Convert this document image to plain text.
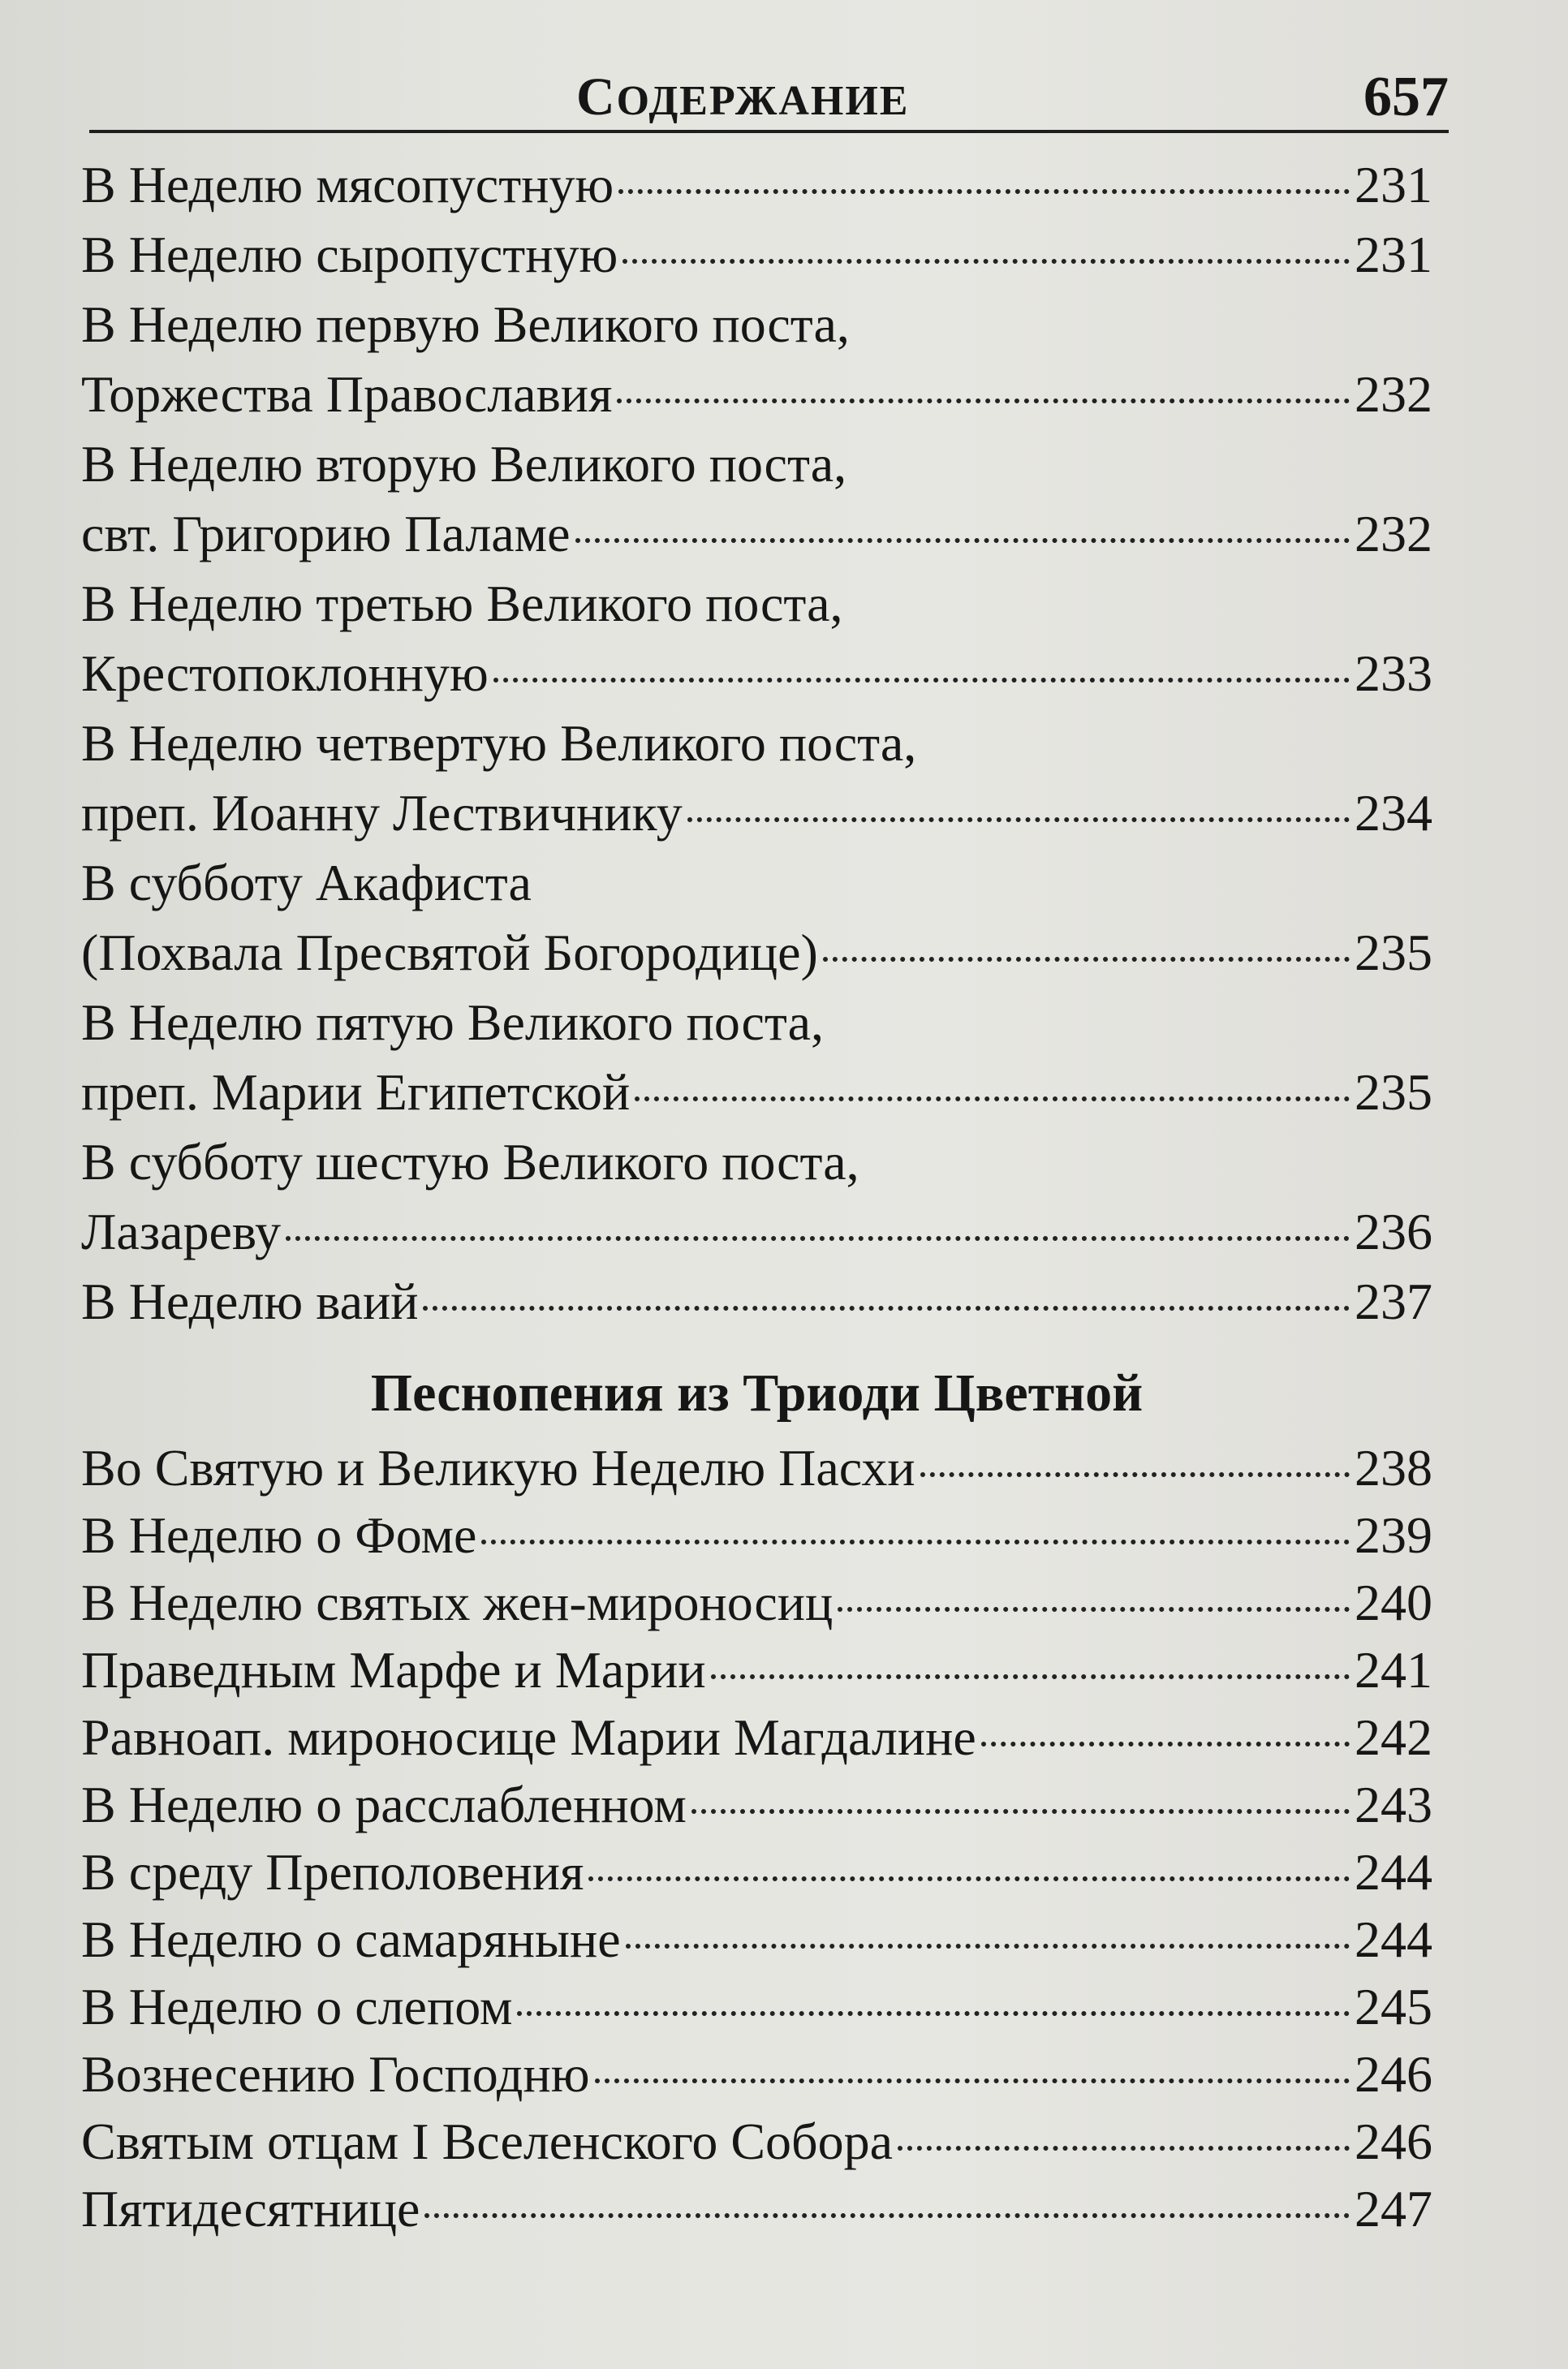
СОДЕРЖАНИЕ	657
В Неделю мясопустную	231
В Неделю сыропустную	231
В Неделю первую Великого поста,
Торжества Православия	232
В Неделю вторую Великого поста,
свт. Григорию Паламе	232
В Неделю третью Великого поста,
Крестопоклонную	233
В Неделю четвертую Великого поста,
преп. Иоанну Лествичнику	234
В субботу Акафиста
(Похвала Пресвятой Богородице)	235
В Неделю пятую Великого поста,
преп. Марии Египетской	235
В субботу шестую Великого поста,
Лазареву	236
В Неделю ваий	237
Песнопения из Триоди Цветной
Во Святую и Великую Неделю Пасхи	238
В Неделю о Фоме	239
В Неделю святых жен-мироносиц	240
Праведным Марфе и Марии	241
Равноап. мироносице Марии Магдалине	242
В Неделю о расслабленном	243
В среду Преполовения	244
В Неделю о самаряныне	244
В Неделю о слепом	245
Вознесению Господню	246
Святым отцам I Вселенского Собора	246
Пятидесятнице	247
